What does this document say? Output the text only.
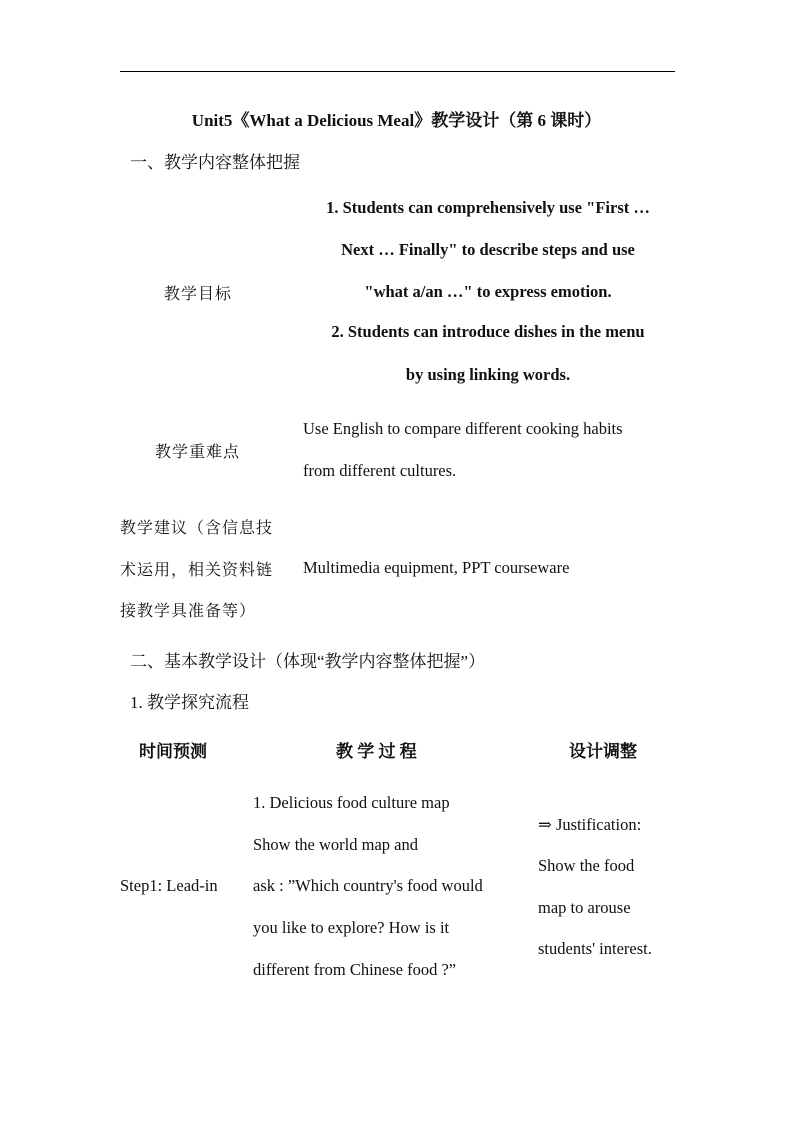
Unit5《What a Delicious Meal》教学设计（第 6 课时）
一、教学内容整体把握
教学目标
1. Students can comprehensively use "First …
Next … Finally" to describe steps and use
"what a/an …" to express emotion.
2. Students can introduce dishes in the menu
by using linking words.
教学重难点
Use English to compare different cooking habits
from different cultures.
教学建议（含信息技
术运用，相关资料链
接教学具准备等）
Multimedia equipment, PPT courseware
二、基本教学设计（体现“教学内容整体把握”）
1. 教学探究流程
时间预测	教 学 过 程	设计调整
Step1: Lead-in
1. Delicious food culture map
Show the world map and
ask : ”Which country's food would
you like to explore? How is it
different from Chinese food ?”
⇒ Justification:
Show the food
map to arouse
students' interest.
